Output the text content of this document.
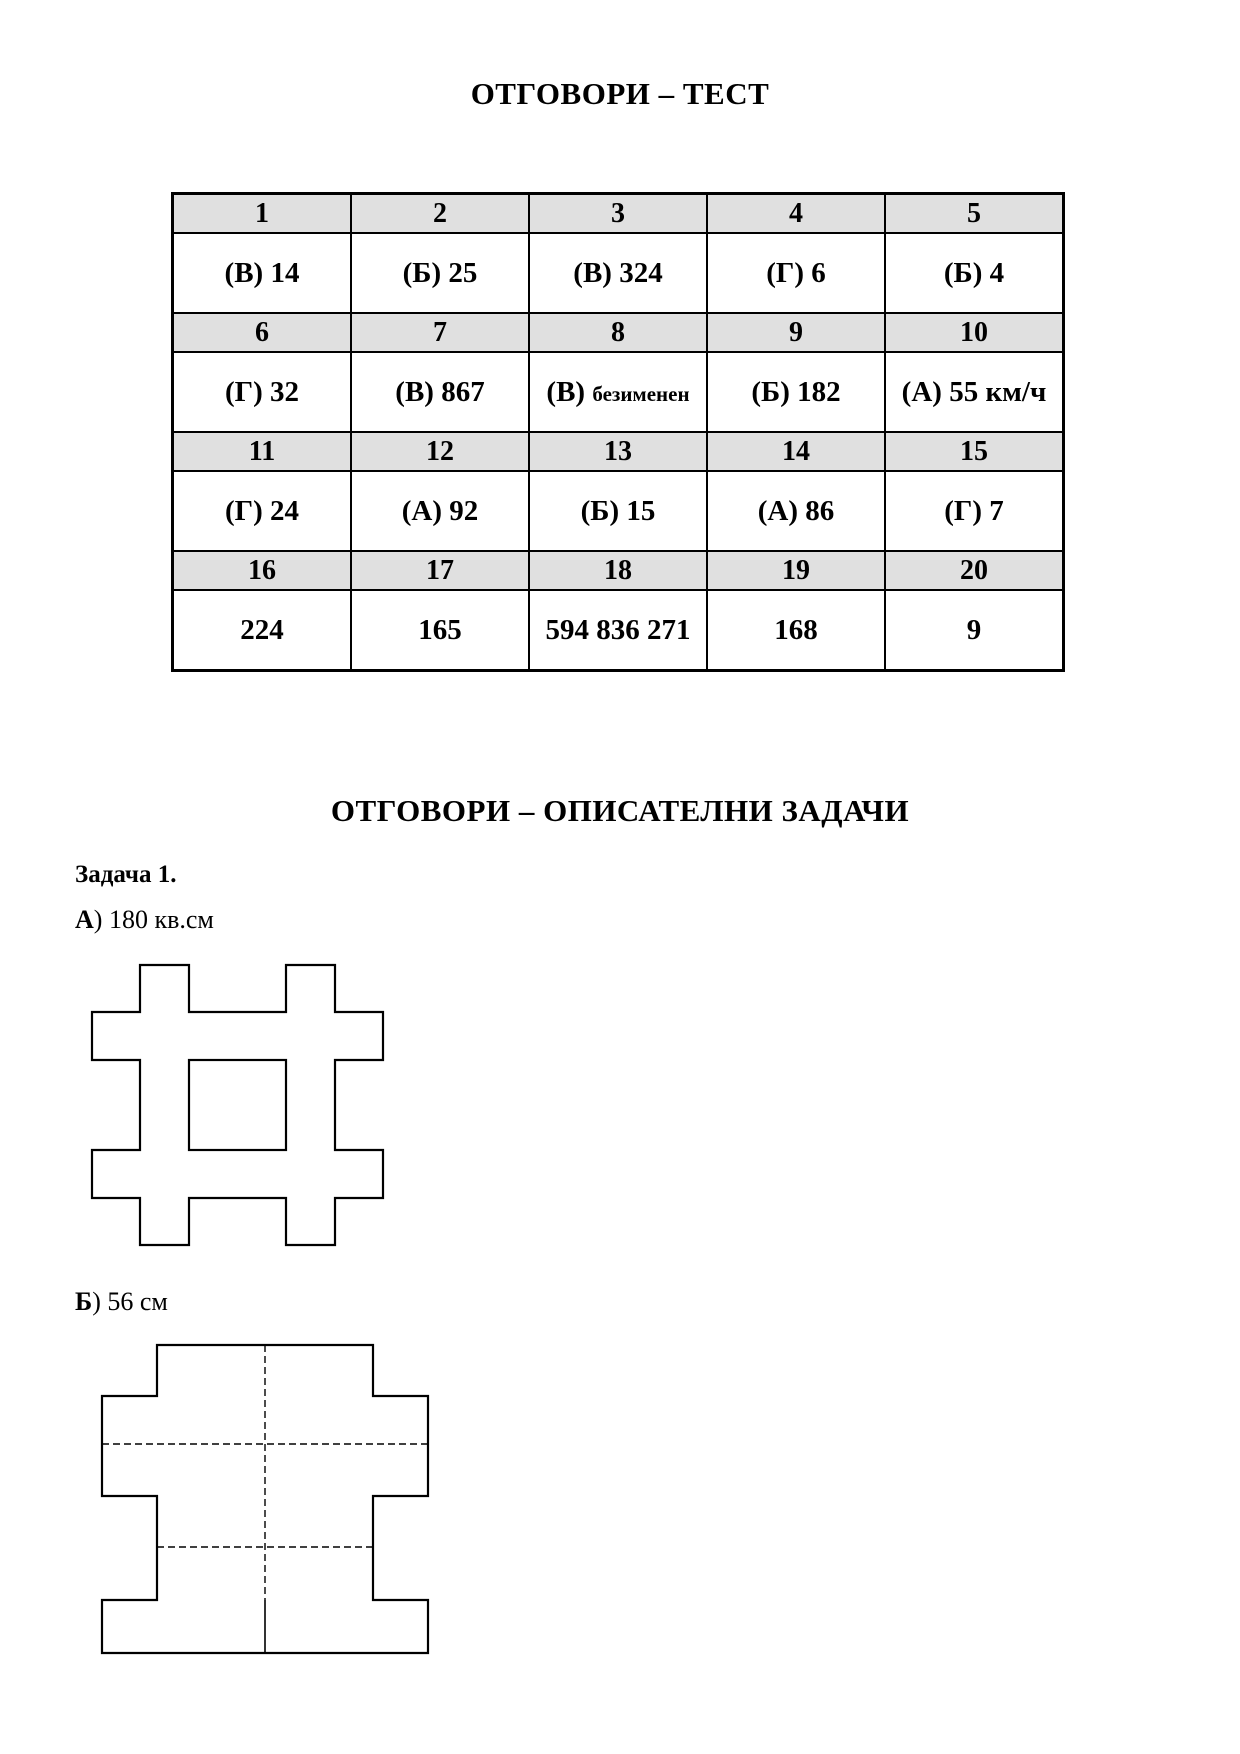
ОТГОВОРИ – ТЕСТ
1	2	3	4	5
(В) 14	(Б) 25	(В) 324	(Г) 6	(Б) 4
6	7	8	9	10
(Г) 32	(В) 867	(В) безименен	(Б) 182	(А) 55 км/ч
11	12	13	14	15
(Г) 24	(А) 92	(Б) 15	(А) 86	(Г) 7
16	17	18	19	20
224	165	594 836 271	168	9
ОТГОВОРИ – ОПИСАТЕЛНИ ЗАДАЧИ
Задача 1.
А) 180 кв.см
Б) 56 см
